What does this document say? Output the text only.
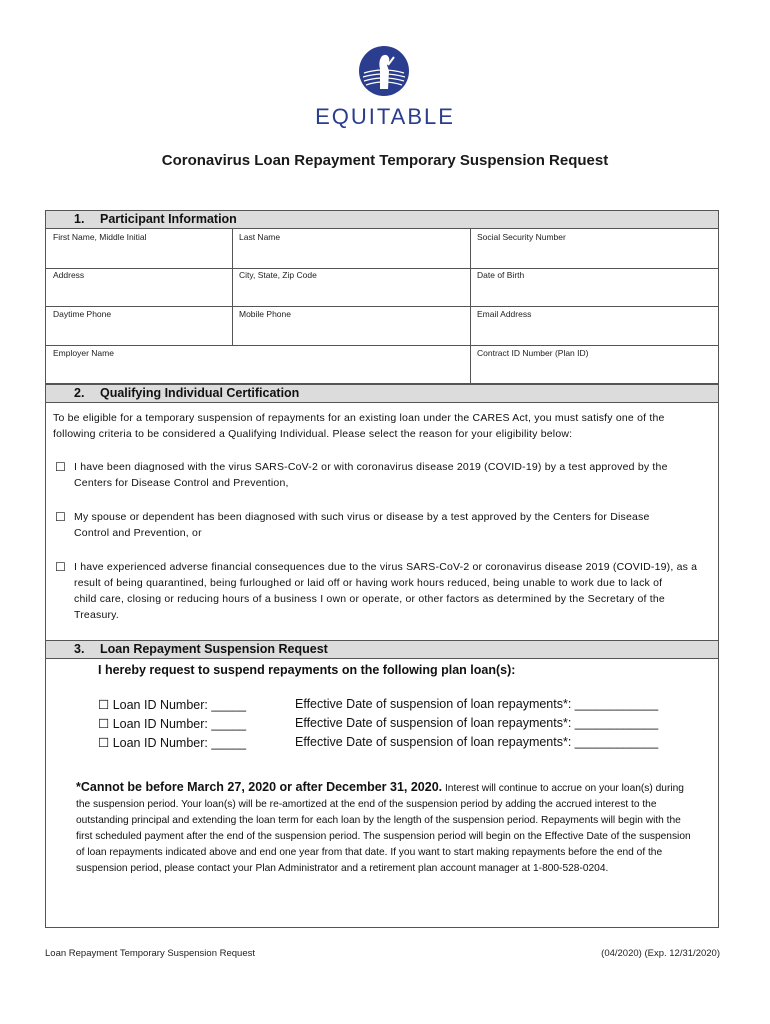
EQUITABLE
Coronavirus Loan Repayment Temporary Suspension Request
1. Participant Information
First Name, Middle Initial	Last Name	Social Security Number
Address	City, State, Zip Code	Date of Birth
Daytime Phone	Mobile Phone	Email Address
Employer Name	Contract ID Number (Plan ID)
2. Qualifying Individual Certification
To be eligible for a temporary suspension of repayments for an existing loan under the CARES Act, you must satisfy one of the
following criteria to be considered a Qualifying Individual. Please select the reason for your eligibility below:
☐ I have been diagnosed with the virus SARS-CoV-2 or with coronavirus disease 2019 (COVID-19) by a test approved by the
Centers for Disease Control and Prevention,
☐ My spouse or dependent has been diagnosed with such virus or disease by a test approved by the Centers for Disease
Control and Prevention, or
☐ I have experienced adverse financial consequences due to the virus SARS-CoV-2 or coronavirus disease 2019 (COVID-19), as a
result of being quarantined, being furloughed or laid off or having work hours reduced, being unable to work due to lack of
child care, closing or reducing hours of a business I own or operate, or other factors as determined by the Secretary of the
Treasury.
3. Loan Repayment Suspension Request
I hereby request to suspend repayments on the following plan loan(s):
☐ Loan ID Number: _____	Effective Date of suspension of loan repayments*: ____________
☐ Loan ID Number: _____	Effective Date of suspension of loan repayments*: ____________
☐ Loan ID Number: _____	Effective Date of suspension of loan repayments*: ____________
*Cannot be before March 27, 2020 or after December 31, 2020. Interest will continue to accrue on your loan(s) during the suspension period. Your loan(s) will be re-amortized at the end of the suspension period by adding the accrued interest to the outstanding principal and extending the loan term for each loan by the length of the suspension period. Repayments will begin with the first scheduled payment after the end of the suspension period. The suspension period will begin on the Effective Date of the suspension of loan repayments indicated above and end one year from that date. If you want to start making repayments before the end of the suspension period, please contact your Plan Administrator and a retirement plan account manager at 1-800-528-0204.
Loan Repayment Temporary Suspension Request	(04/2020) (Exp. 12/31/2020)
